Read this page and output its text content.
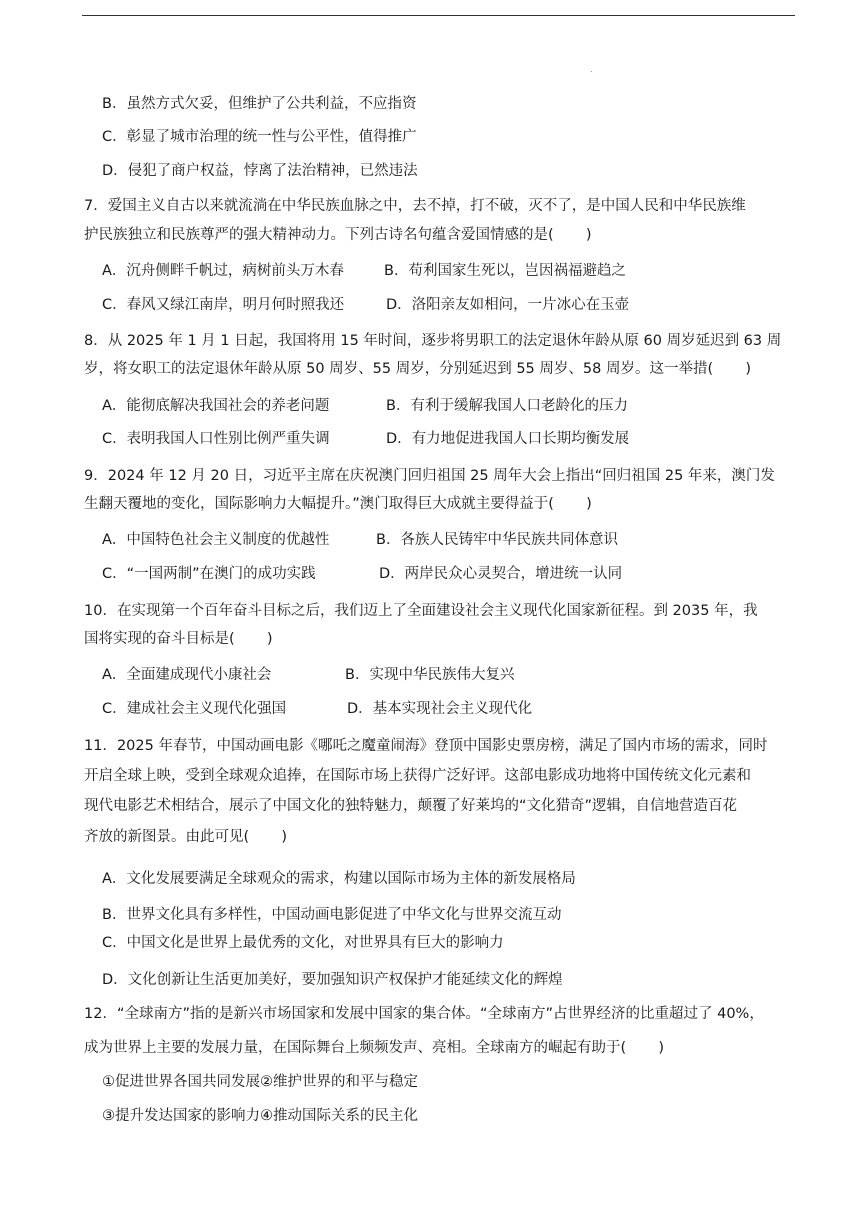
B．虽然方式欠妥，但维护了公共利益，不应指资
C．彰显了城市治理的统一性与公平性，值得推广
D．侵犯了商户权益，悖离了法治精神，已然违法
7．爱国主义自古以来就流淌在中华民族血脉之中，去不掉，打不破，灭不了，是中国人民和中华民族维
护民族独立和民族尊严的强大精神动力。下列古诗名句蕴含爱国情感的是(       )
A．沉舟侧畔千帆过，病树前头万木春	B．苟利国家生死以，岂因祸福避趋之
C．春风又绿江南岸，明月何时照我还	D．洛阳亲友如相问，一片冰心在玉壶
8．从 2025 年 1 月 1 日起，我国将用 15 年时间，逐步将男职工的法定退休年龄从原 60 周岁延迟到 63 周
岁，将女职工的法定退休年龄从原 50 周岁、55 周岁，分别延迟到 55 周岁、58 周岁。这一举措(       )
A．能彻底解决我国社会的养老问题	B．有利于缓解我国人口老龄化的压力
C．表明我国人口性别比例严重失调	D．有力地促进我国人口长期均衡发展
9．2024 年 12 月 20 日，习近平主席在庆祝澳门回归祖国 25 周年大会上指出“回归祖国 25 年来，澳门发
生翻天覆地的变化，国际影响力大幅提升。”澳门取得巨大成就主要得益于(       )
A．中国特色社会主义制度的优越性	B．各族人民铸牢中华民族共同体意识
C．“一国两制”在澳门的成功实践	D．两岸民众心灵契合，增进统一认同
10．在实现第一个百年奋斗目标之后，我们迈上了全面建设社会主义现代化国家新征程。到 2035 年，我
国将实现的奋斗目标是(       )
A．全面建成现代小康社会	B．实现中华民族伟大复兴
C．建成社会主义现代化强国	D．基本实现社会主义现代化
11．2025 年春节，中国动画电影《哪吒之魔童闹海》登顶中国影史票房榜，满足了国内市场的需求，同时
开启全球上映，受到全球观众追捧，在国际市场上获得广泛好评。这部电影成功地将中国传统文化元素和
现代电影艺术相结合，展示了中国文化的独特魅力，颠覆了好莱坞的“文化猎奇”逻辑，自信地营造百花
齐放的新图景。由此可见(       )
A．文化发展要满足全球观众的需求，构建以国际市场为主体的新发展格局
B．世界文化具有多样性，中国动画电影促进了中华文化与世界交流互动
C．中国文化是世界上最优秀的文化，对世界具有巨大的影响力
D．文化创新让生活更加美好，要加强知识产权保护才能延续文化的辉煌
12．“全球南方”指的是新兴市场国家和发展中国家的集合体。“全球南方”占世界经济的比重超过了 40%，
成为世界上主要的发展力量，在国际舞台上频频发声、亮相。全球南方的崛起有助于(       )
①促进世界各国共同发展②维护世界的和平与稳定
③提升发达国家的影响力④推动国际关系的民主化
